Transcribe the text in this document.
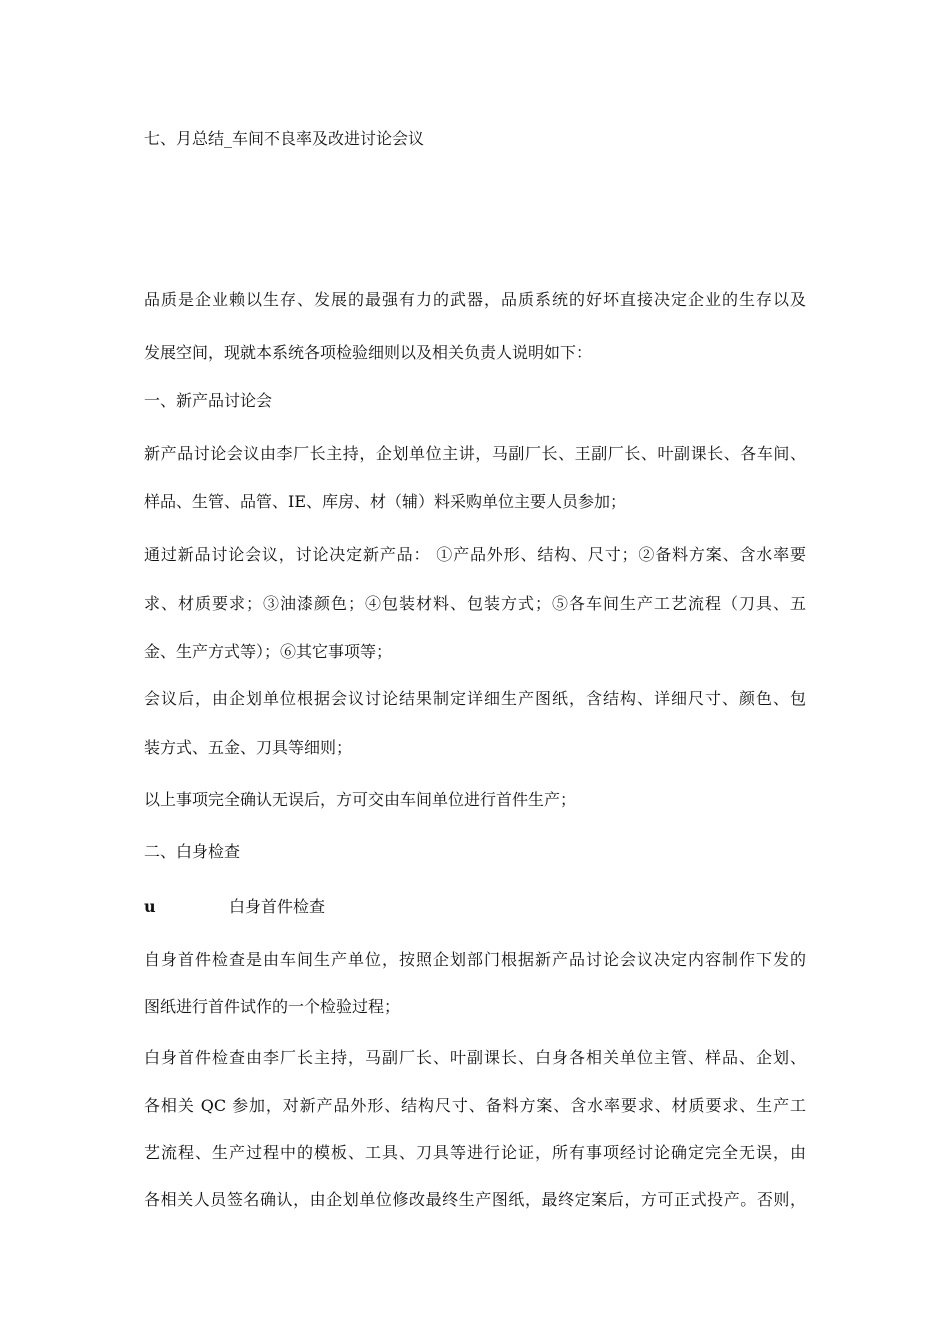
七、月总结_车间不良率及改进讨论会议
品质是企业赖以生存、发展的最强有力的武器，品质系统的好坏直接决定企业的生存以及
发展空间，现就本系统各项检验细则以及相关负责人说明如下：
一、新产品讨论会
新产品讨论会议由李厂长主持，企划单位主讲，马副厂长、王副厂长、叶副课长、各车间、
样品、生管、品管、IE、库房、材（辅）料采购单位主要人员参加；
通过新品讨论会议，讨论决定新产品： ①产品外形、结构、尺寸；②备料方案、含水率要
求、材质要求；③油漆颜色；④包装材料、包装方式；⑤各车间生产工艺流程（刀具、五
金、生产方式等）；⑥其它事项等；
会议后，由企划单位根据会议讨论结果制定详细生产图纸，含结构、详细尺寸、颜色、包
装方式、五金、刀具等细则；
以上事项完全确认无误后，方可交由车间单位进行首件生产；
二、白身检查
u	白身首件检查
自身首件检查是由车间生产单位，按照企划部门根据新产品讨论会议决定内容制作下发的
图纸进行首件试作的一个检验过程；
白身首件检查由李厂长主持，马副厂长、叶副课长、白身各相关单位主管、样品、企划、
各相关 QC 参加，对新产品外形、结构尺寸、备料方案、含水率要求、材质要求、生产工
艺流程、生产过程中的模板、工具、刀具等进行论证，所有事项经讨论确定完全无误，由
各相关人员签名确认，由企划单位修改最终生产图纸，最终定案后，方可正式投产。否则，
